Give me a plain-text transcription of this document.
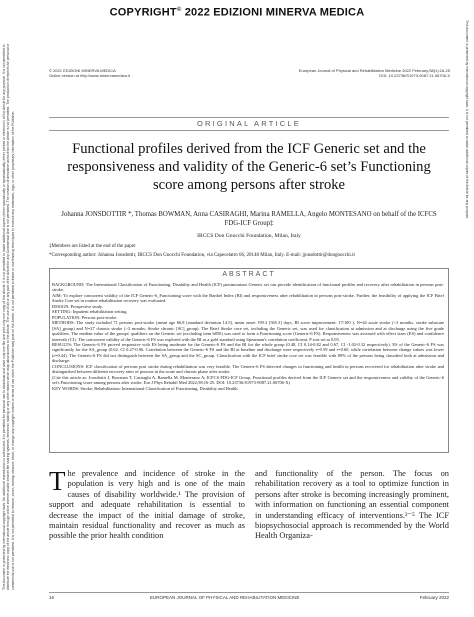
COPYRIGHT© 2022 EDIZIONI MINERVA MEDICA
This document is protected by international copyright laws. No additional reproduction is authorized. It is permitted for personal use to download and save only one file and print only one copy of this Article. It is not permitted to make additional copies (either sporadically or systematically, either printed or electronic) of the Article for any purpose. It is not permitted to distribute the electronic copy of the article through online internet and/or intranet file sharing systems, electronic mailing or any other means which may allow access to the Article. The use of all or any part of the Article for any Commercial Use is not permitted. The creation of derivative works from the Article is not permitted. The production of reprints for personal or commercial use is not permitted. It is not permitted to remove, cover, overlay, obscure, block, or change any copyright notices or terms of use which the Publisher may post on the Article. It is not permitted to frame or use framing techniques to enclose any trademark, logo, or other proprietary information of the Publisher.	This document is protected by international copyright laws. It is not permitted to make additional copies of the Article for any purpose.
© 2021 EDIZIONI MINERVA MEDICA
Online version at http://www.minervamedica.it
European Journal of Physical and Rehabilitation Medicine 2022 February;58(1):16-25
DOI: 10.23736/S1973-9087.21.06706-X
ORIGINAL ARTICLE
Functional profiles derived from the ICF Generic set and the responsiveness and validity of the Generic-6 set’s Functioning score among persons after stroke
Johanna JONSDOTTIR *, Thomas BOWMAN, Anna CASIRAGHI, Marina RAMELLA, Angelo MONTESANO on behalf of the ICFCS FDG-ICF Group‡
IRCCS Don Gnocchi Foundation, Milan, Italy
‡Members are listed at the end of the paper
*Corresponding author: Johanna Jonsdottir, IRCCS Don Gnocchi Foundation, via Capecelatro 66, 20148 Milan, Italy. E-mail: jjonsdottir@dongnocchi.it
ABSTRACT

BACKGROUND: The International Classification of Functioning, Disability and Health (ICF) parsimonious Generic set can provide identification of functional profiles and recovery after rehabilitation in persons post-stroke.

AIM: To explore concurrent validity of the ICF Generic-6_Functioning score with the Barthel Index (BI) and responsiveness after rehabilitation in persons post-stroke. Further, the feasibility of applying the ICF Brief Stroke Core set in routine rehabilitation recovery was evaluated.

DESIGN: Prospective study.

SETTING: Inpatient rehabilitation setting.

POPULATION: Persons post-stroke.

METHODS: The study included 71 persons post-stroke (mean age 66.8 [standard deviation 14.5], mean onset 199.3 [565.3] days, BI score improvement: 17/100 ), N=44 acute stroke (<3 months, stroke subacute [SA]_group) and N=27 chronic stroke (>3 months, Stroke chronic [SC]_group). The Brief Stroke core set, including the Generic set, was used for classification at admission and at discharge using the five grade qualifiers. The median value of the groups' qualifiers on the Generic set (excluding item b850) was used to form a Functioning score (Generic-6 FS). Responsiveness was assessed with effect sizes (ES) and confidence intervals (CI). The concurrent validity of the Generic-6 FS was explored with the BI as a gold standard using Spearman's correlation coefficient. P was set at 0.05.

RESULTS: The Generic-6 FS proved responsive with ES being moderate for the Generic-6 FS and the BI for the whole group (0.48, CI 0.14-0.82 and 0.67, CI -1.02-0.32 respectively). ES of the Generic-6 FS was significantly for the SA_group (0.62, CI 0.27-0.96. Correlation between the Generic-6 FS and the BI at baseline and discharge were respectively r=0.59 and r=0.60, while correlation between change values was lower (r=0.44). The Generic-6 FS did not distinguish between the SA_group and the SC_group. Classification with the ICF brief stroke core set was feasible with 89% of the persons being classified both at admission and discharge.

CONCLUSIONS: ICF classification of persons post stroke during rehabilitation was very feasible. The Generic-6 FS detected changes in functioning and health in persons recovered for rehabilitation after stroke and distinguished between different recovery rates of persons in the acute and chronic phase after stroke.

(Cite this article as: Jonsdottir J, Bowman T, Casiraghi A, Ramella M, Montesano A; ICFCS FDG-ICF Group. Functional profiles derived from the ICF Generic set and the responsiveness and validity of the Generic-6 set's Functioning score among persons after stroke. Eur J Phys Rehabil Med 2022;58:16-25. DOI: 10.23736/S1973-9087.21.06706-X)

KEY WORDS: Stroke; Rehabilitation; International Classification of Functioning, Disability and Health.

The prevalence and incidence of stroke in the population is very high and is one of the main causes of disability worldwide.¹ The provision of support and adequate rehabilitation is essential to decrease the impact of the initial damage of stroke, maintain residual functionality and recover as much as possible the prior health condition
and functionality of the person. The focus on rehabilitation recovery as a tool to optimize function in persons after stroke is becoming increasingly prominent, with information on functioning an essential component in understanding efficacy of interventions.²⁻⁵ The ICF biopsychosocial approach is recommended by the World Health Organiza-
16	EUROPEAN JOURNAL OF PHYSICAL AND REHABILITATION MEDICINE	February 2022
